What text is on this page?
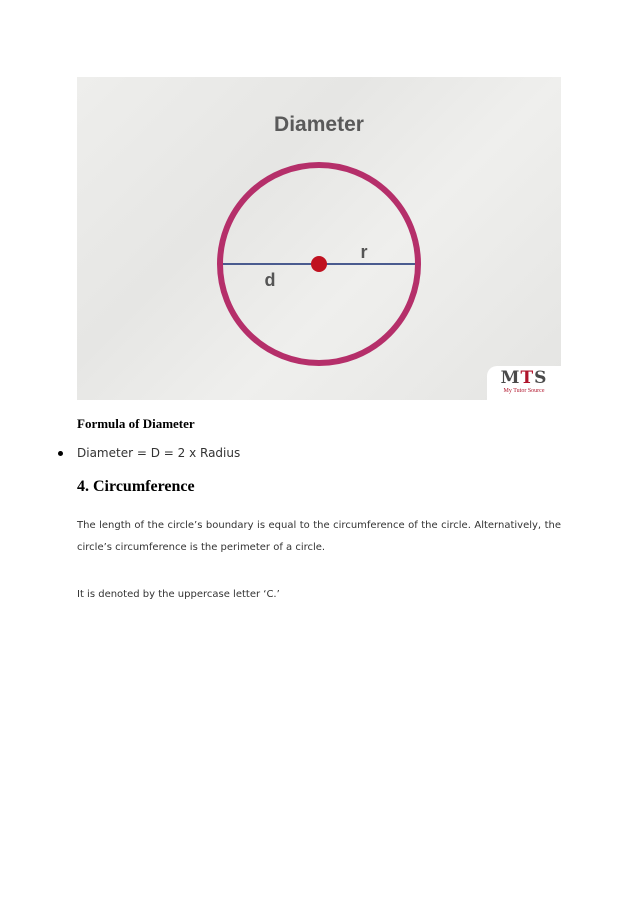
Diameter
r
d
MTS
My Tutor Source
Formula of Diameter
Diameter = D = 2 x Radius
4. Circumference
The length of the circle’s boundary is equal to the circumference of the circle. Alternatively, the circle’s circumference is the perimeter of a circle.
It is denoted by the uppercase letter ‘C.’
